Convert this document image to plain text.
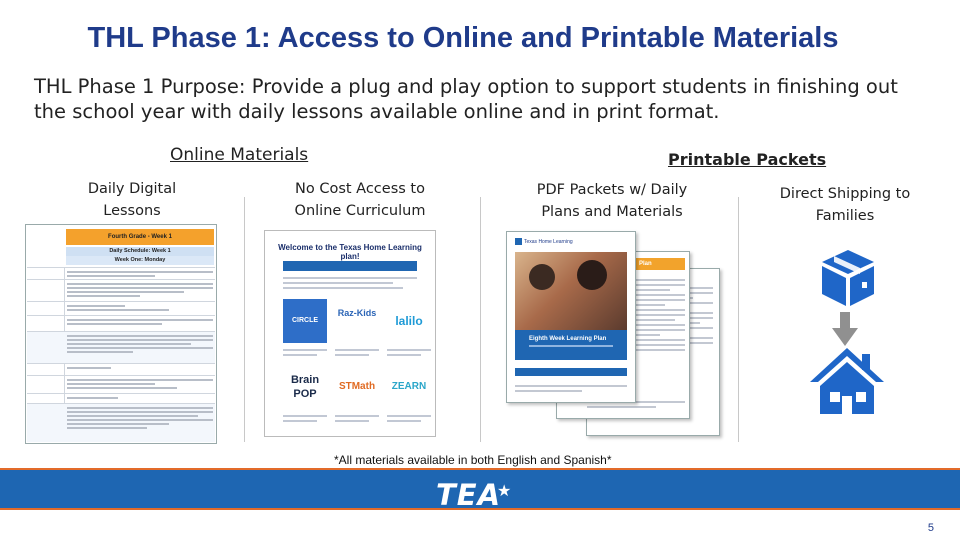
THL Phase 1: Access to Online and Printable Materials
THL Phase 1 Purpose: Provide a plug and play option to support students in finishing out the school year with daily lessons available online and in print format.
Online Materials	Printable Packets
Daily Digital Lessons
No Cost Access to Online Curriculum
PDF Packets w/ Daily Plans and Materials
Direct Shipping to Families
Fourth Grade - Week 1
Daily Schedule: Week 1
Week One: Monday
Welcome to the Texas Home Learning plan!
CIRCLE
Raz-Kids
lalilo
Brain POP
STMath	ZEARN
Plan
Texas Home Learning
Eighth Week Learning Plan
*All materials available in both English and Spanish*
TEA★
5
